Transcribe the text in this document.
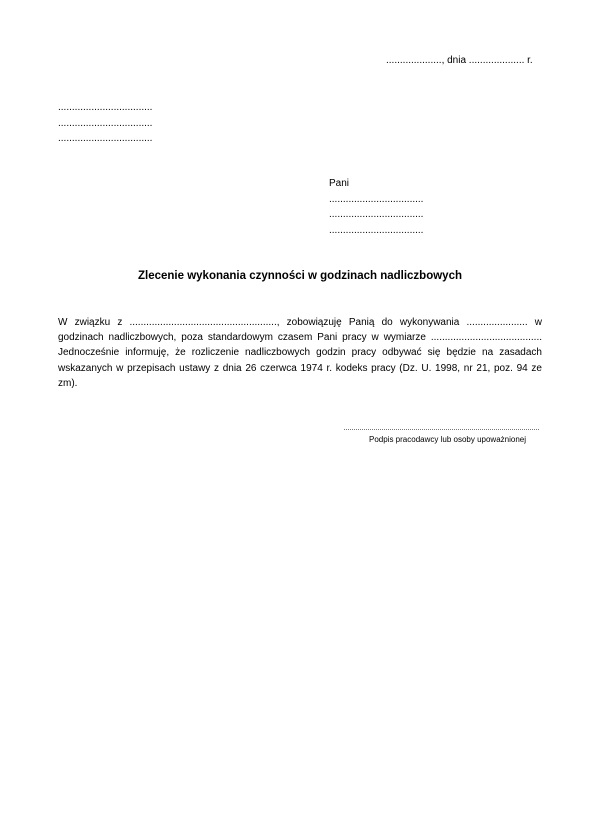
...................., dnia .................... r.
..................................
..................................
..................................
Pani
..................................
..................................
..................................
Zlecenie wykonania czynności w godzinach nadliczbowych
W związku z ....................................................., zobowiązuję Panią do wykonywania ...................... w godzinach nadliczbowych, poza standardowym czasem Pani pracy w wymiarze ........................................ Jednocześnie informuję, że rozliczenie nadliczbowych godzin pracy odbywać się będzie na zasadach wskazanych w przepisach ustawy z dnia 26 czerwca 1974 r. kodeks pracy (Dz. U. 1998, nr 21, poz. 94 ze zm).
Podpis pracodawcy lub osoby upoważnionej
